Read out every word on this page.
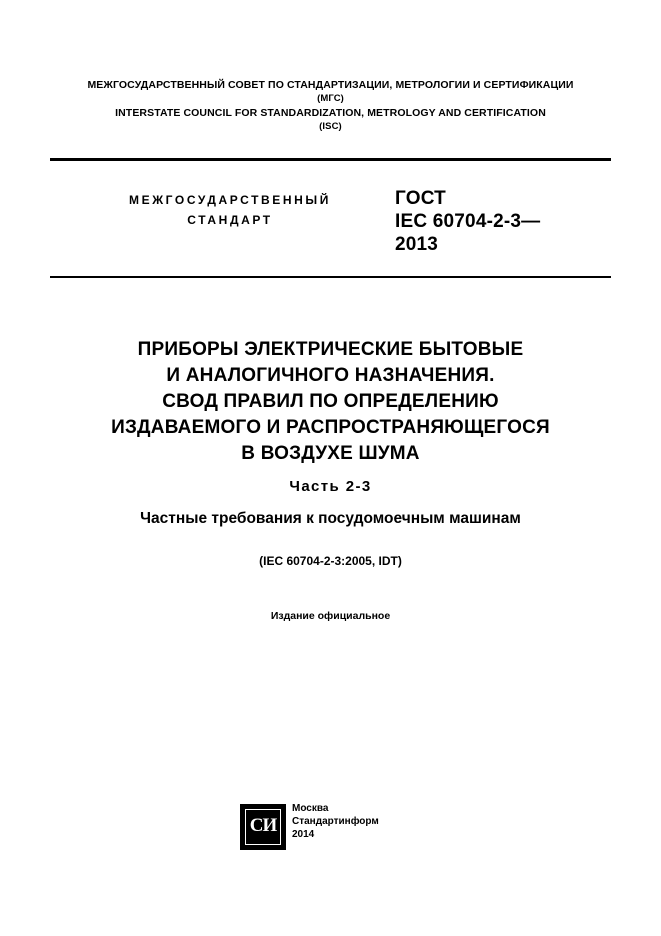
МЕЖГОСУДАРСТВЕННЫЙ СОВЕТ ПО СТАНДАРТИЗАЦИИ, МЕТРОЛОГИИ И СЕРТИФИКАЦИИ
(МГС)
INTERSTATE COUNCIL FOR STANDARDIZATION, METROLOGY AND CERTIFICATION
(ISC)
МЕЖГОСУДАРСТВЕННЫЙ
СТАНДАРТ
ГОСТ
IEC 60704-2-3—
2013
ПРИБОРЫ ЭЛЕКТРИЧЕСКИЕ БЫТОВЫЕ
И АНАЛОГИЧНОГО НАЗНАЧЕНИЯ.
СВОД ПРАВИЛ ПО ОПРЕДЕЛЕНИЮ
ИЗДАВАЕМОГО И РАСПРОСТРАНЯЮЩЕГОСЯ
В ВОЗДУХЕ ШУМА
Часть 2-3
Частные требования к посудомоечным машинам
(IEC 60704-2-3:2005, IDT)
Издание официальное
СИ
Москва
Стандартинформ
2014
